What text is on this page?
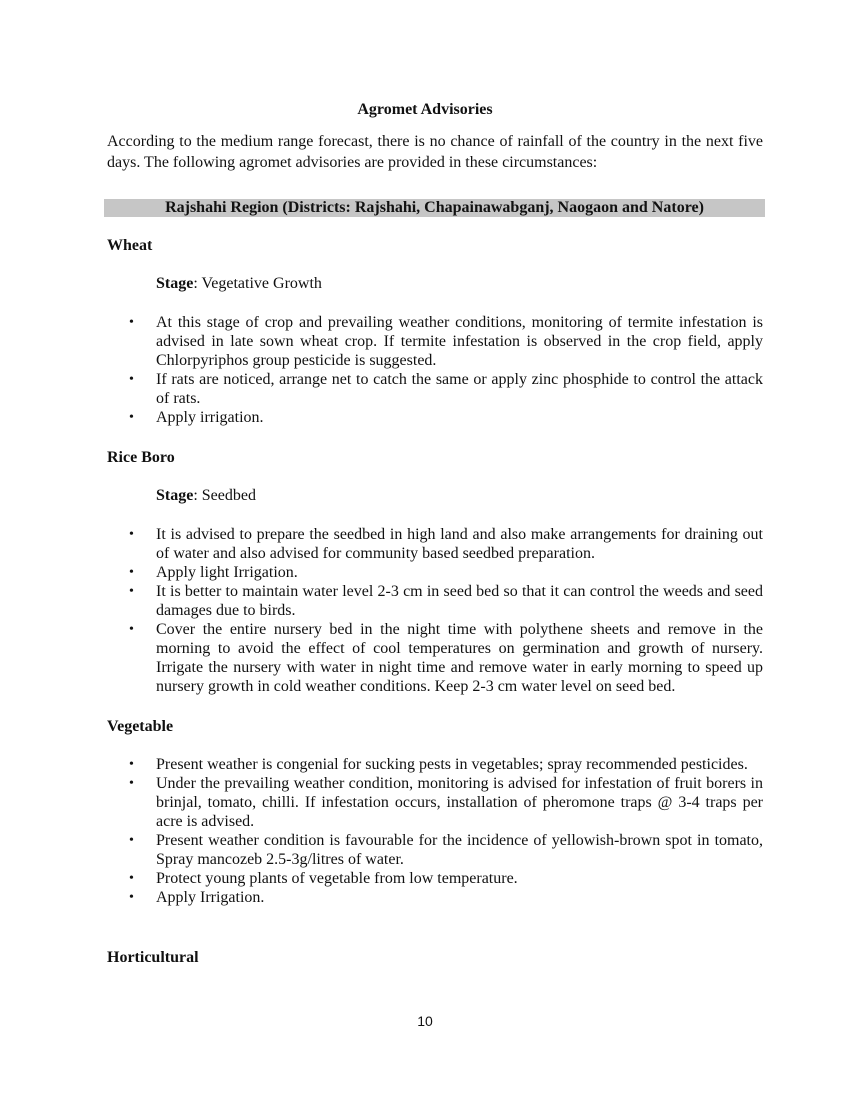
Agromet Advisories
According to the medium range forecast, there is no chance of rainfall of the country in the next five days. The following agromet advisories are provided in these circumstances:
Rajshahi Region (Districts: Rajshahi, Chapainawabganj, Naogaon and Natore)
Wheat
Stage: Vegetative Growth
• At this stage of crop and prevailing weather conditions, monitoring of termite infestation is advised in late sown wheat crop. If termite infestation is observed in the crop field, apply Chlorpyriphos group pesticide is suggested.
• If rats are noticed, arrange net to catch the same or apply zinc phosphide to control the attack of rats.
• Apply irrigation.
Rice Boro
Stage: Seedbed
• It is advised to prepare the seedbed in high land and also make arrangements for draining out of water and also advised for community based seedbed preparation.
• Apply light Irrigation.
• It is better to maintain water level 2-3 cm in seed bed so that it can control the weeds and seed damages due to birds.
• Cover the entire nursery bed in the night time with polythene sheets and remove in the morning to avoid the effect of cool temperatures on germination and growth of nursery. Irrigate the nursery with water in night time and remove water in early morning to speed up nursery growth in cold weather conditions. Keep 2-3 cm water level on seed bed.
Vegetable
• Present weather is congenial for sucking pests in vegetables; spray recommended pesticides.
• Under the prevailing weather condition, monitoring is advised for infestation of fruit borers in brinjal, tomato, chilli. If infestation occurs, installation of pheromone traps @ 3-4 traps per acre is advised.
• Present weather condition is favourable for the incidence of yellowish-brown spot in tomato, Spray mancozeb 2.5-3g/litres of water.
• Protect young plants of vegetable from low temperature.
• Apply Irrigation.
Horticultural
10
